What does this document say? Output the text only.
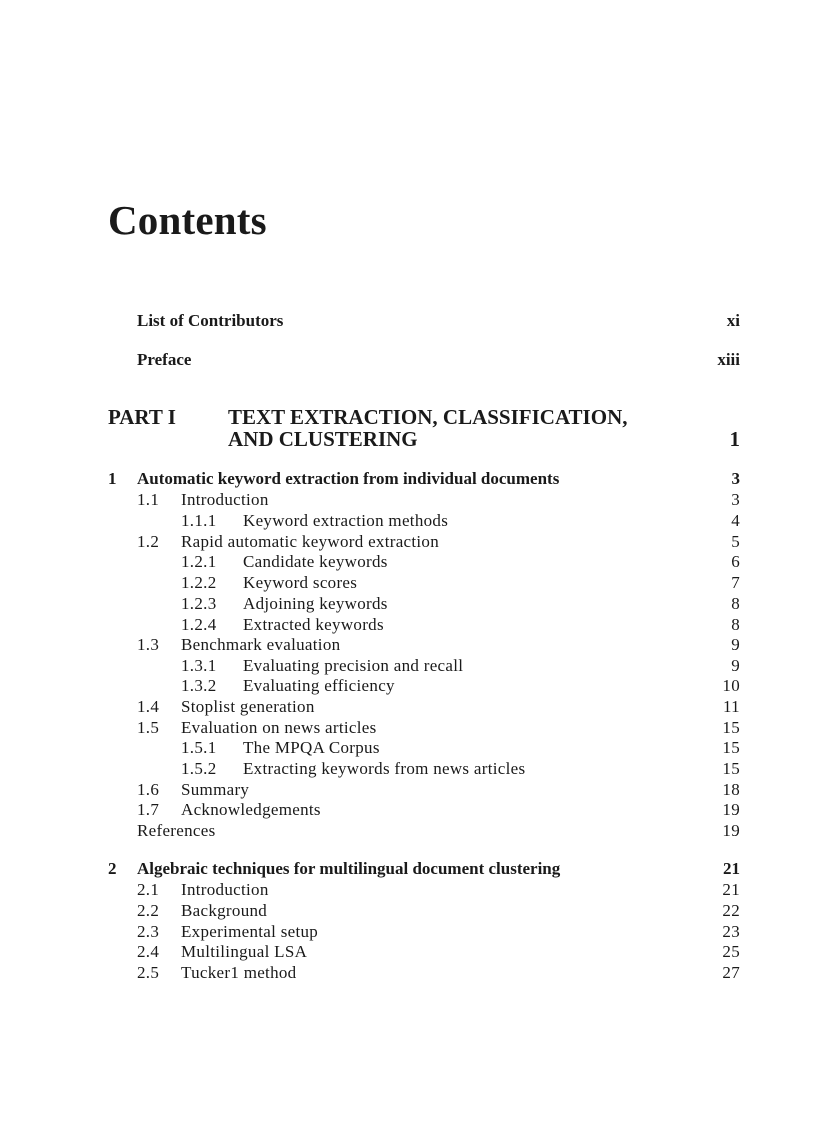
Contents
List of Contributors	xi
Preface	xiii
PART I TEXT EXTRACTION, CLASSIFICATION,
AND CLUSTERING	1
1 Automatic keyword extraction from individual documents	3
1.1 Introduction	3
1.1.1 Keyword extraction methods	4
1.2 Rapid automatic keyword extraction	5
1.2.1 Candidate keywords	6
1.2.2 Keyword scores	7
1.2.3 Adjoining keywords	8
1.2.4 Extracted keywords	8
1.3 Benchmark evaluation	9
1.3.1 Evaluating precision and recall	9
1.3.2 Evaluating efficiency	10
1.4 Stoplist generation	11
1.5 Evaluation on news articles	15
1.5.1 The MPQA Corpus	15
1.5.2 Extracting keywords from news articles	15
1.6 Summary	18
1.7 Acknowledgements	19
References	19
2 Algebraic techniques for multilingual document clustering	21
2.1 Introduction	21
2.2 Background	22
2.3 Experimental setup	23
2.4 Multilingual LSA	25
2.5 Tucker1 method	27
